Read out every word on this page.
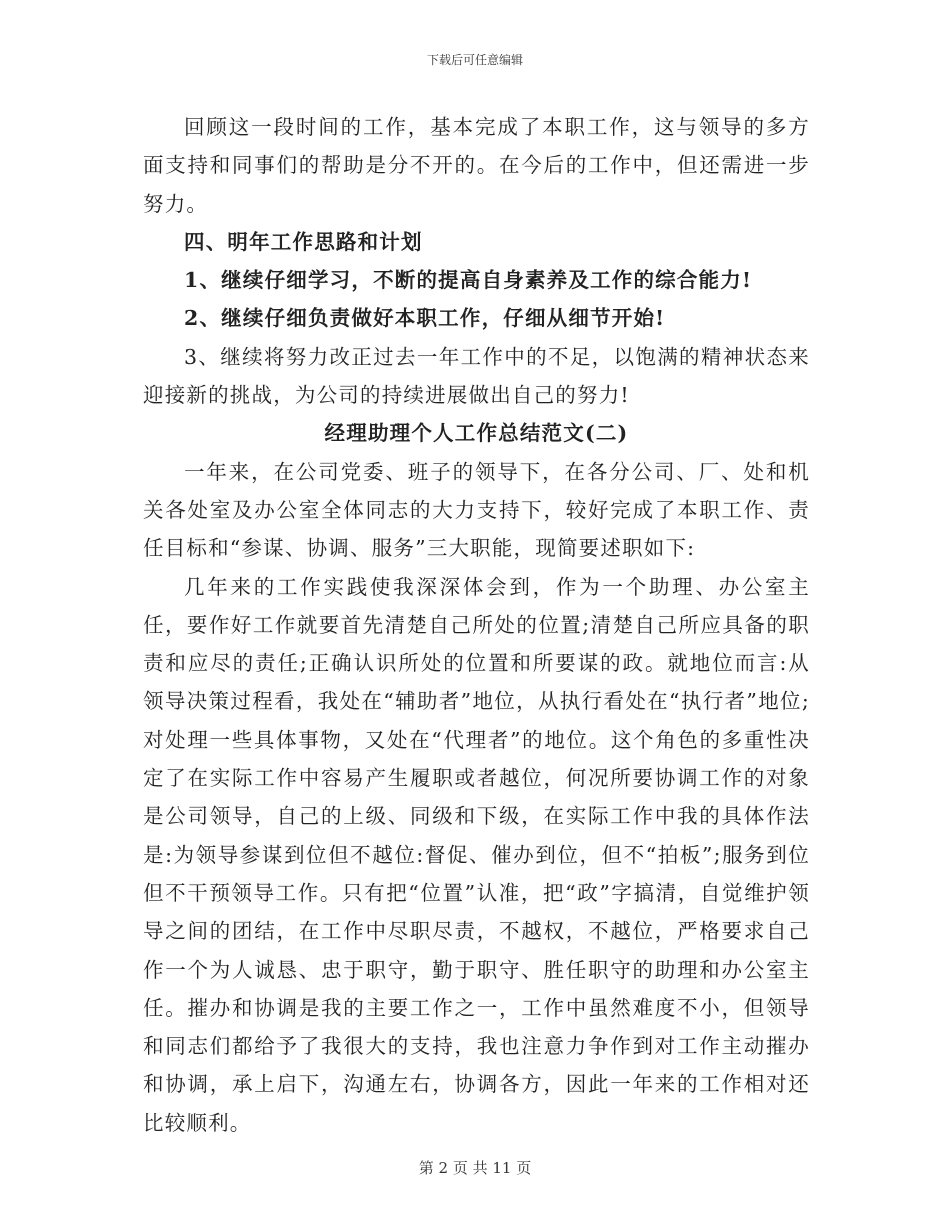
下载后可任意编辑

回顾这一段时间的工作，基本完成了本职工作，这与领导的多方面支持和同事们的帮助是分不开的。在今后的工作中，但还需进一步努力。

四、明年工作思路和计划

1、继续仔细学习，不断的提高自身素养及工作的综合能力!

2、继续仔细负责做好本职工作，仔细从细节开始!

3、继续将努力改正过去一年工作中的不足，以饱满的精神状态来迎接新的挑战，为公司的持续进展做出自己的努力!

经理助理个人工作总结范文(二)

一年来，在公司党委、班子的领导下，在各分公司、厂、处和机关各处室及办公室全体同志的大力支持下，较好完成了本职工作、责任目标和“参谋、协调、服务”三大职能，现简要述职如下:

几年来的工作实践使我深深体会到，作为一个助理、办公室主任，要作好工作就要首先清楚自己所处的位置;清楚自己所应具备的职责和应尽的责任;正确认识所处的位置和所要谋的政。就地位而言:从领导决策过程看，我处在“辅助者”地位，从执行看处在“执行者”地位;对处理一些具体事物，又处在“代理者”的地位。这个角色的多重性决定了在实际工作中容易产生履职或者越位，何况所要协调工作的对象是公司领导，自己的上级、同级和下级，在实际工作中我的具体作法是:为领导参谋到位但不越位:督促、催办到位，但不“拍板”;服务到位但不干预领导工作。只有把“位置”认准，把“政”字搞清，自觉维护领导之间的团结，在工作中尽职尽责，不越权，不越位，严格要求自己作一个为人诚恳、忠于职守，勤于职守、胜任职守的助理和办公室主任。摧办和协调是我的主要工作之一，工作中虽然难度不小，但领导和同志们都给予了我很大的支持，我也注意力争作到对工作主动摧办和协调，承上启下，沟通左右，协调各方，因此一年来的工作相对还比较顺利。

第 2 页 共 11 页
